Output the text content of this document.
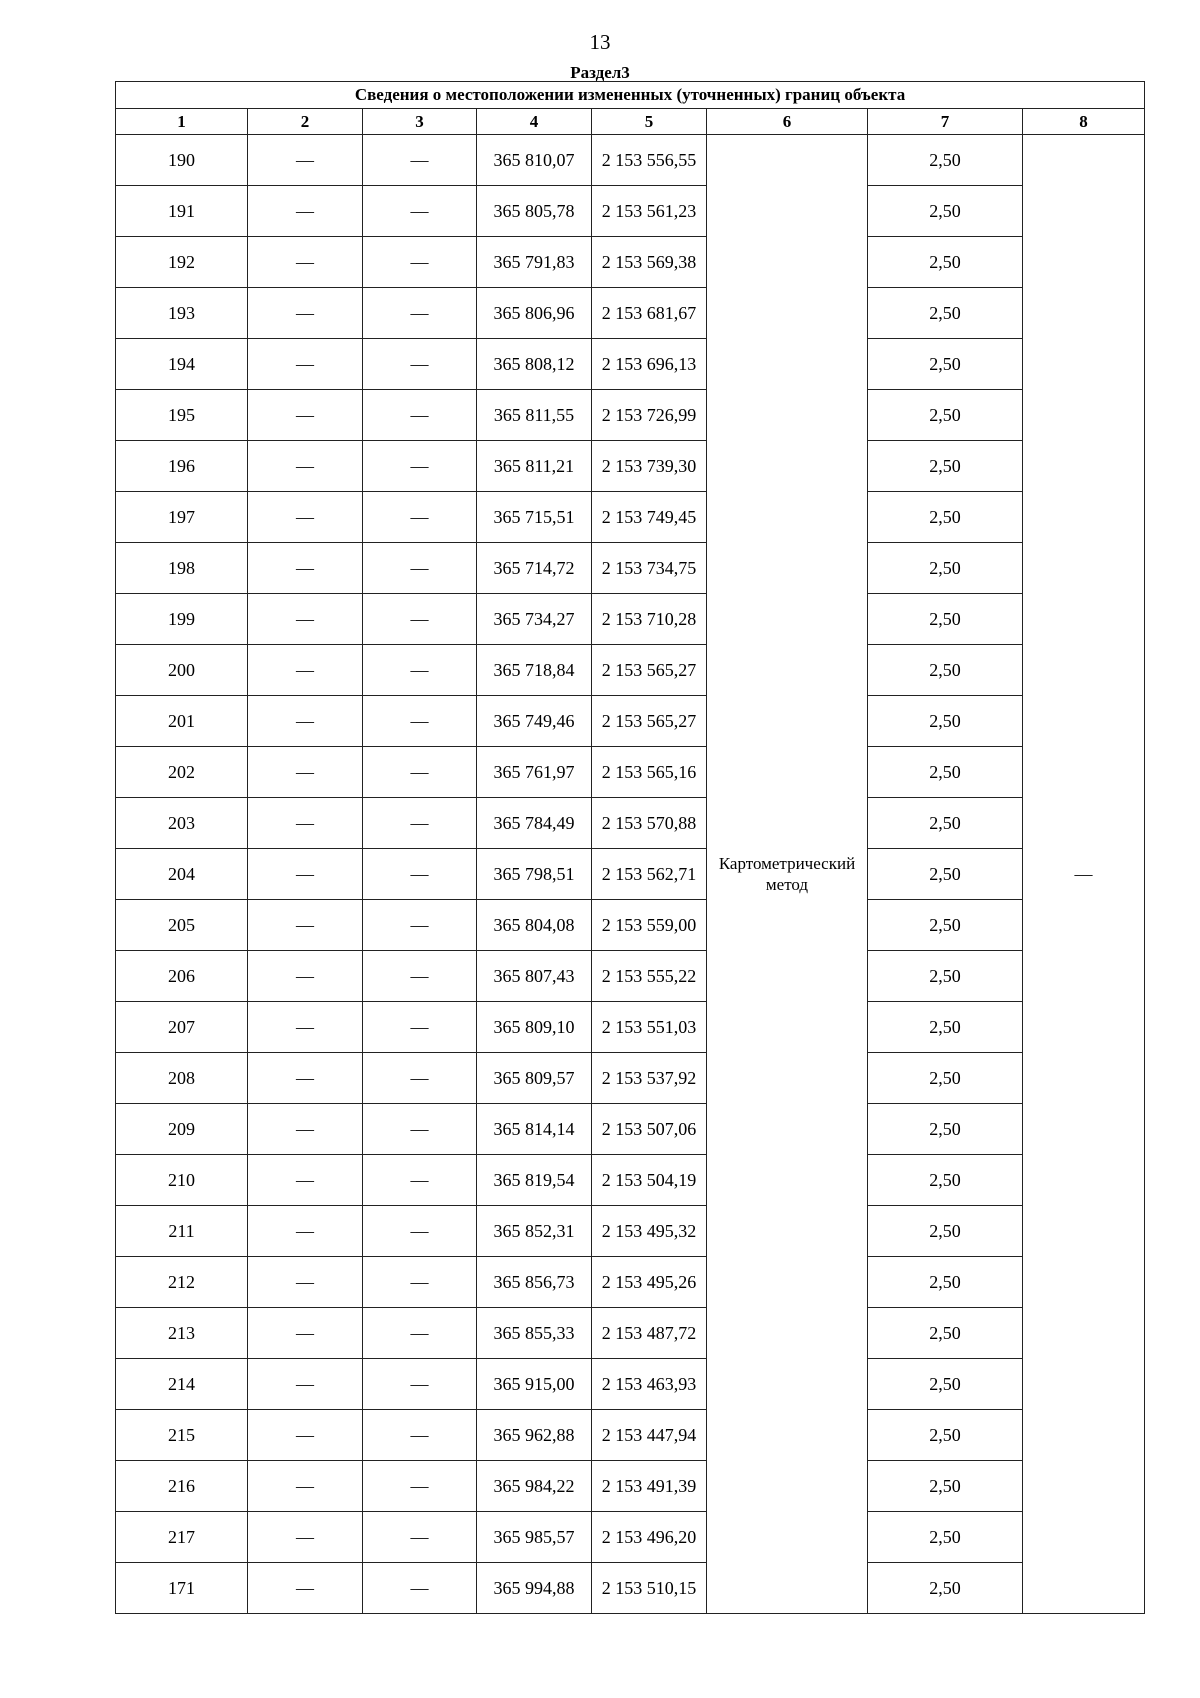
13
Раздел3
Сведения о местоположении измененных (уточненных) границ объекта							
1	2	3	4	5	6	7	8
190	—	—	365 810,07	2 153 556,55	Картометрический метод	2,50	—
191	—	—	365 805,78	2 153 561,23		2,50	
192	—	—	365 791,83	2 153 569,38		2,50	
193	—	—	365 806,96	2 153 681,67		2,50	
194	—	—	365 808,12	2 153 696,13		2,50	
195	—	—	365 811,55	2 153 726,99		2,50	
196	—	—	365 811,21	2 153 739,30		2,50	
197	—	—	365 715,51	2 153 749,45		2,50	
198	—	—	365 714,72	2 153 734,75		2,50	
199	—	—	365 734,27	2 153 710,28		2,50	
200	—	—	365 718,84	2 153 565,27		2,50	
201	—	—	365 749,46	2 153 565,27		2,50	
202	—	—	365 761,97	2 153 565,16		2,50	
203	—	—	365 784,49	2 153 570,88		2,50	
204	—	—	365 798,51	2 153 562,71		2,50	
205	—	—	365 804,08	2 153 559,00		2,50	
206	—	—	365 807,43	2 153 555,22		2,50	
207	—	—	365 809,10	2 153 551,03		2,50	
208	—	—	365 809,57	2 153 537,92		2,50	
209	—	—	365 814,14	2 153 507,06		2,50	
210	—	—	365 819,54	2 153 504,19		2,50	
211	—	—	365 852,31	2 153 495,32		2,50	
212	—	—	365 856,73	2 153 495,26		2,50	
213	—	—	365 855,33	2 153 487,72		2,50	
214	—	—	365 915,00	2 153 463,93		2,50	
215	—	—	365 962,88	2 153 447,94		2,50	
216	—	—	365 984,22	2 153 491,39		2,50	
217	—	—	365 985,57	2 153 496,20		2,50	
171	—	—	365 994,88	2 153 510,15		2,50	
